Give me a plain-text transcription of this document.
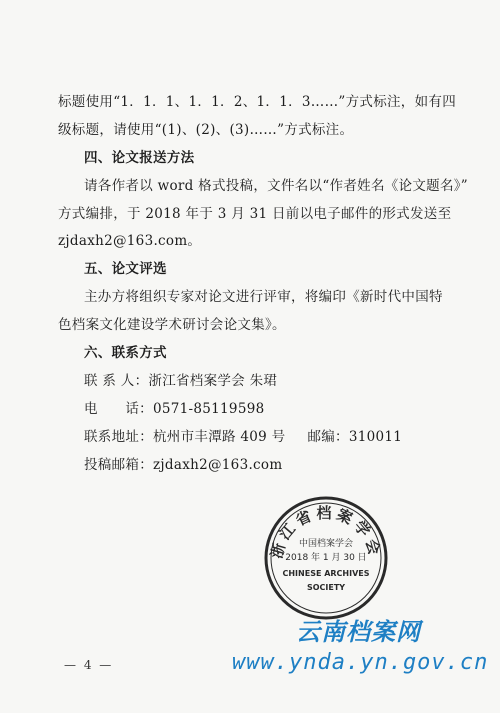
标题使用“1．1．1、1．1．2、1．1．3……”方式标注，如有四
级标题，请使用“(1)、(2)、(3)……”方式标注。
四、论文报送方法
请各作者以 word 格式投稿，文件名以“作者姓名《论文题名》”
方式编排，于 2018 年于 3 月 31 日前以电子邮件的形式发送至
zjdaxh2@163.com。
五、论文评选
主办方将组织专家对论文进行评审，将编印《新时代中国特
色档案文化建设学术研讨会论文集》。
六、联系方式
联 系 人：浙江省档案学会 朱珺
电      话：0571-85119598
联系地址：杭州市丰潭路 409 号 邮编：310011
投稿邮箱：zjdaxh2@163.com
浙江省档案学会
中国档案学会
2018 年 1 月 30 日
CHINESE ARCHIVES
SOCIETY
云南档案网
www.ynda.yn.gov.cn
— 4 —
